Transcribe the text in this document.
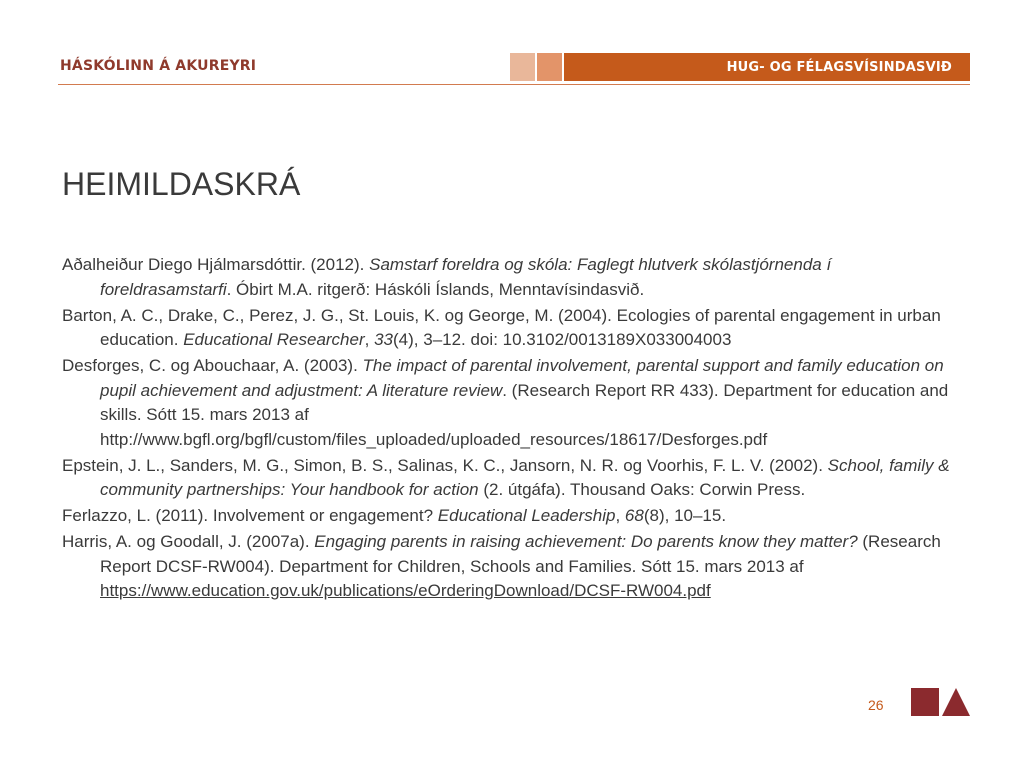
HÁSKÓLINN Á AKUREYRI	HUG- OG FÉLAGSVÍSINDASVIÐ
HEIMILDASKRÁ

Aðalheiður Diego Hjálmarsdóttir. (2012). Samstarf foreldra og skóla: Faglegt hlutverk skólastjórnenda í foreldrasamstarfi. Óbirt M.A. ritgerð: Háskóli Íslands, Menntavísindasvið.

Barton, A. C., Drake, C., Perez, J. G., St. Louis, K. og George, M. (2004). Ecologies of parental engagement in urban education. Educational Researcher, 33(4), 3–12. doi: 10.3102/0013189X033004003

Desforges, C. og Abouchaar, A. (2003). The impact of parental involvement, parental support and family education on pupil achievement and adjustment: A literature review. (Research Report RR 433). Department for education and skills. Sótt 15. mars 2013 af http://www.bgfl.org/bgfl/custom/files_uploaded/uploaded_resources/18617/Desforges.pdf

Epstein, J. L., Sanders, M. G., Simon, B. S., Salinas, K. C., Jansorn, N. R. og Voorhis, F. L. V. (2002). School, family & community partnerships: Your handbook for action (2. útgáfa). Thousand Oaks: Corwin Press.

Ferlazzo, L. (2011). Involvement or engagement? Educational Leadership, 68(8), 10–15.

Harris, A. og Goodall, J. (2007a). Engaging parents in raising achievement: Do parents know they matter? (Research Report DCSF-RW004). Department for Children, Schools and Families. Sótt 15. mars 2013 af https://www.education.gov.uk/publications/eOrderingDownload/DCSF-RW004.pdf

26
